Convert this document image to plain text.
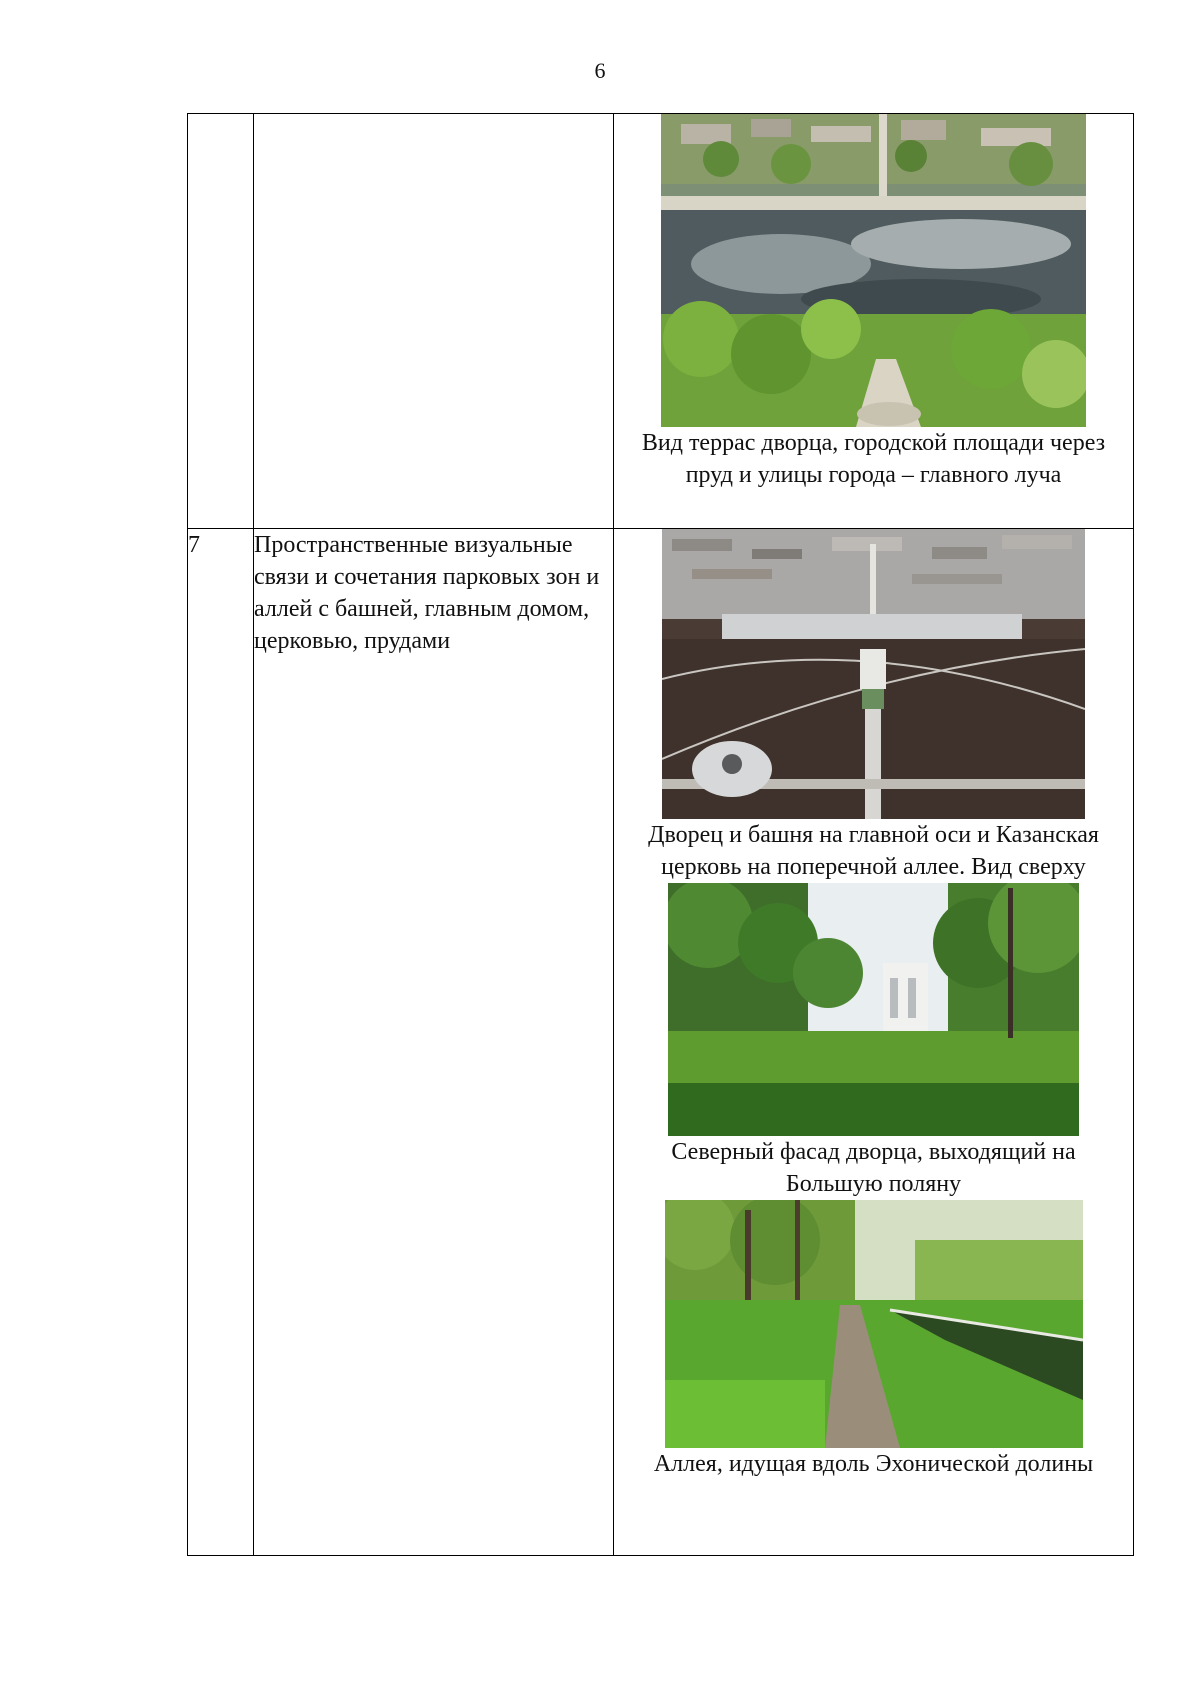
6

		Вид террас дворца, городской площади через пруд и улицы города – главного луча

7	Пространственные визуальные связи и сочетания парковых зон и аллей с башней, главным домом, церковью, прудами	Дворец и башня на главной оси и Казанская церковь на поперечной аллее. Вид сверху
Северный фасад дворца, выходящий на Большую поляну
Аллея, идущая вдоль Эхонической долины
